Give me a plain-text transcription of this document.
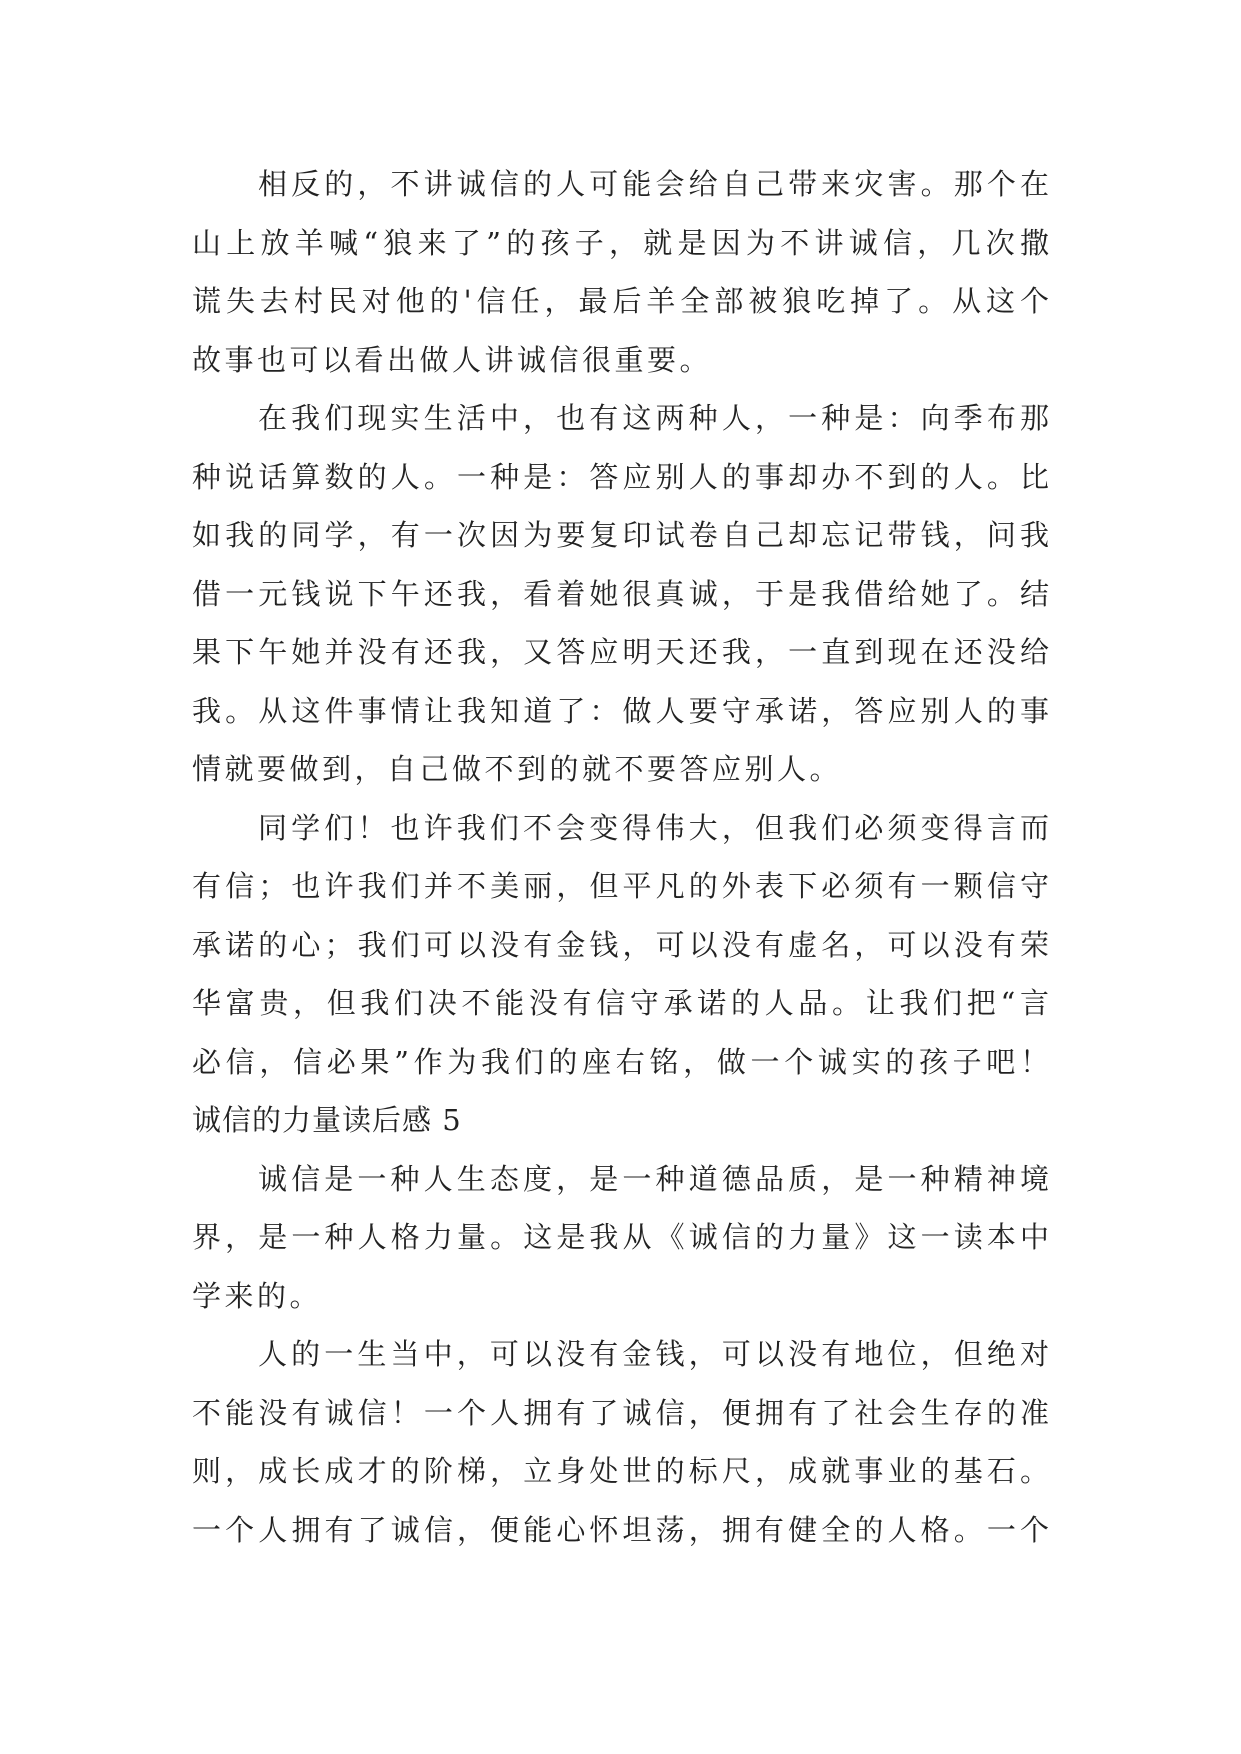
相反的，不讲诚信的人可能会给自己带来灾害。那个在
山上放羊喊“狼来了”的孩子，就是因为不讲诚信，几次撒
谎失去村民对他的'信任，最后羊全部被狼吃掉了。从这个
故事也可以看出做人讲诚信很重要。
在我们现实生活中，也有这两种人，一种是：向季布那
种说话算数的人。一种是：答应别人的事却办不到的人。比
如我的同学，有一次因为要复印试卷自己却忘记带钱，问我
借一元钱说下午还我，看着她很真诚，于是我借给她了。结
果下午她并没有还我，又答应明天还我，一直到现在还没给
我。从这件事情让我知道了：做人要守承诺，答应别人的事
情就要做到，自己做不到的就不要答应别人。
同学们！也许我们不会变得伟大，但我们必须变得言而
有信；也许我们并不美丽，但平凡的外表下必须有一颗信守
承诺的心；我们可以没有金钱，可以没有虚名，可以没有荣
华富贵，但我们决不能没有信守承诺的人品。让我们把“言
必信，信必果”作为我们的座右铭，做一个诚实的孩子吧！
诚信的力量读后感 5
诚信是一种人生态度，是一种道德品质，是一种精神境
界，是一种人格力量。这是我从《诚信的力量》这一读本中
学来的。
人的一生当中，可以没有金钱，可以没有地位，但绝对
不能没有诚信！一个人拥有了诚信，便拥有了社会生存的准
则，成长成才的阶梯，立身处世的标尺，成就事业的基石。
一个人拥有了诚信，便能心怀坦荡，拥有健全的人格。一个
